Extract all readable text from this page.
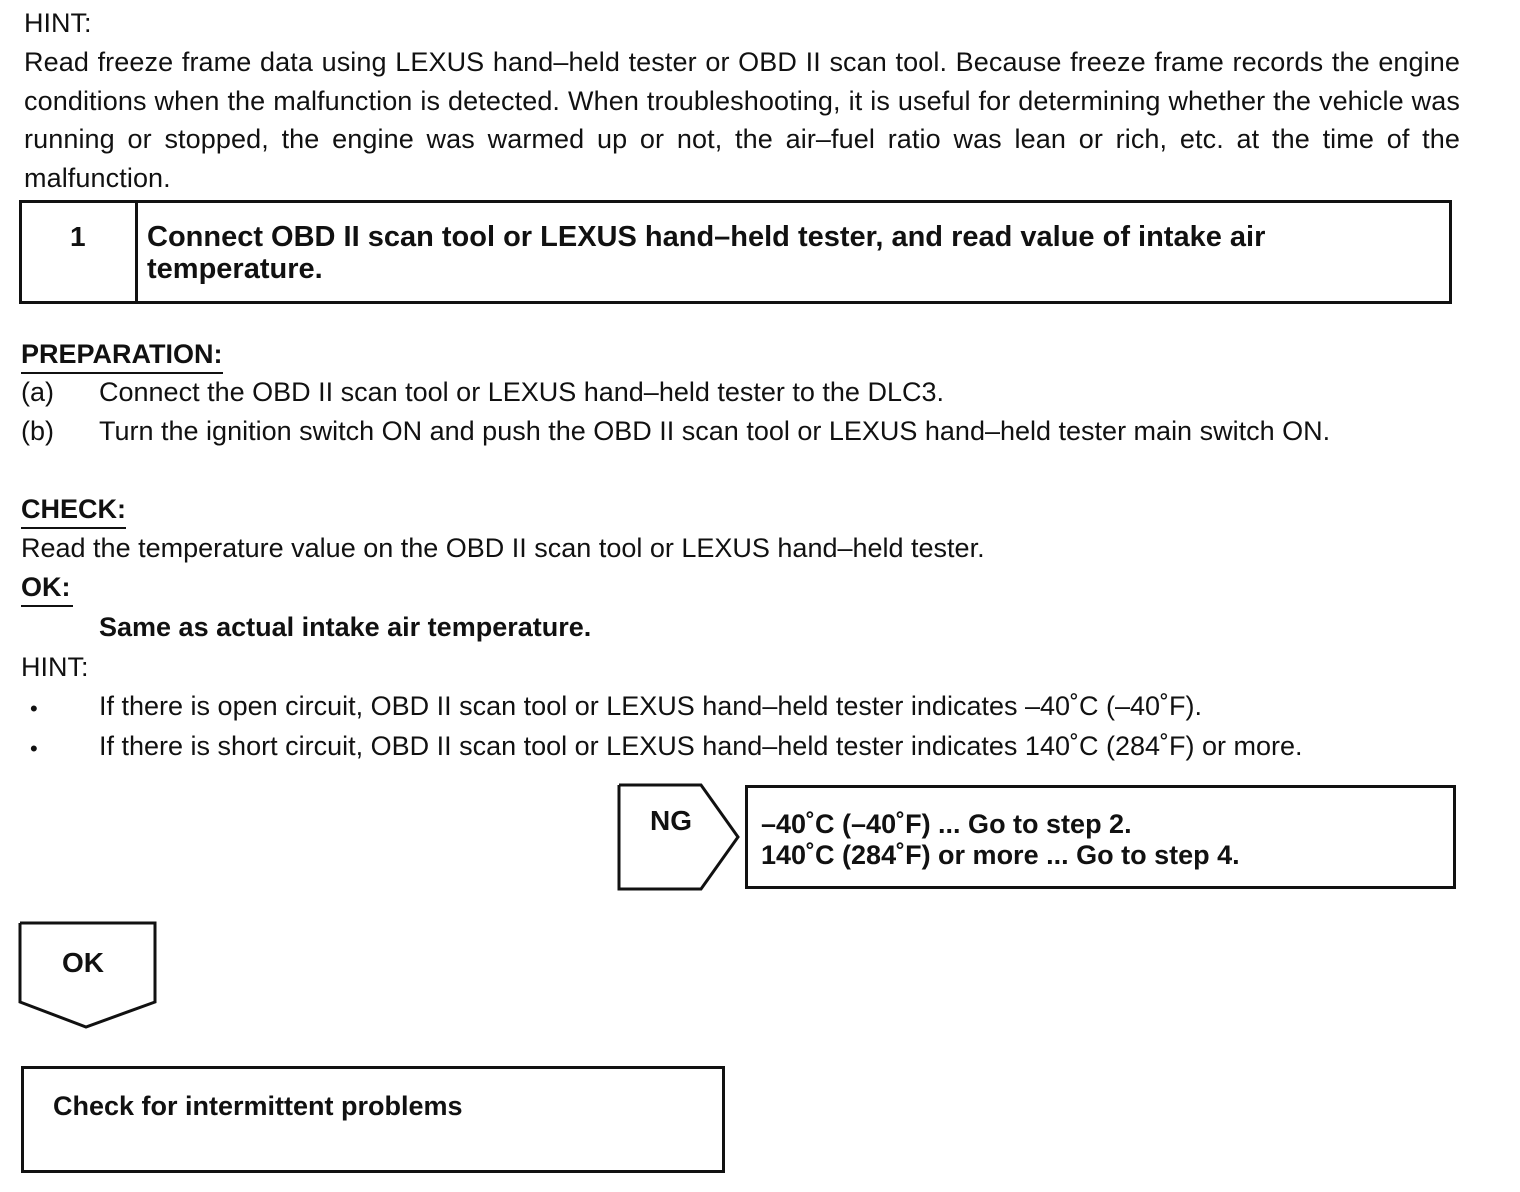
HINT:
Read freeze frame data using LEXUS hand–held tester or OBD II scan tool. Because freeze frame records the engine conditions when the malfunction is detected. When troubleshooting, it is useful for determining whether the vehicle was running or stopped, the engine was warmed up or not, the air–fuel ratio was lean or rich, etc. at the time of the malfunction.
1 Connect OBD II scan tool or LEXUS hand–held tester, and read value of intake air temperature.
PREPARATION:
(a) Connect the OBD II scan tool or LEXUS hand–held tester to the DLC3.
(b) Turn the ignition switch ON and push the OBD II scan tool or LEXUS hand–held tester main switch ON.
CHECK:
Read the temperature value on the OBD II scan tool or LEXUS hand–held tester.
OK:
Same as actual intake air temperature.
HINT:
• If there is open circuit, OBD II scan tool or LEXUS hand–held tester indicates –40˚C (–40˚F).
• If there is short circuit, OBD II scan tool or LEXUS hand–held tester indicates 140˚C (284˚F) or more.
NG	–40˚C (–40˚F) ... Go to step 2.
140˚C (284˚F) or more ... Go to step 4.
OK
Check for intermittent problems
